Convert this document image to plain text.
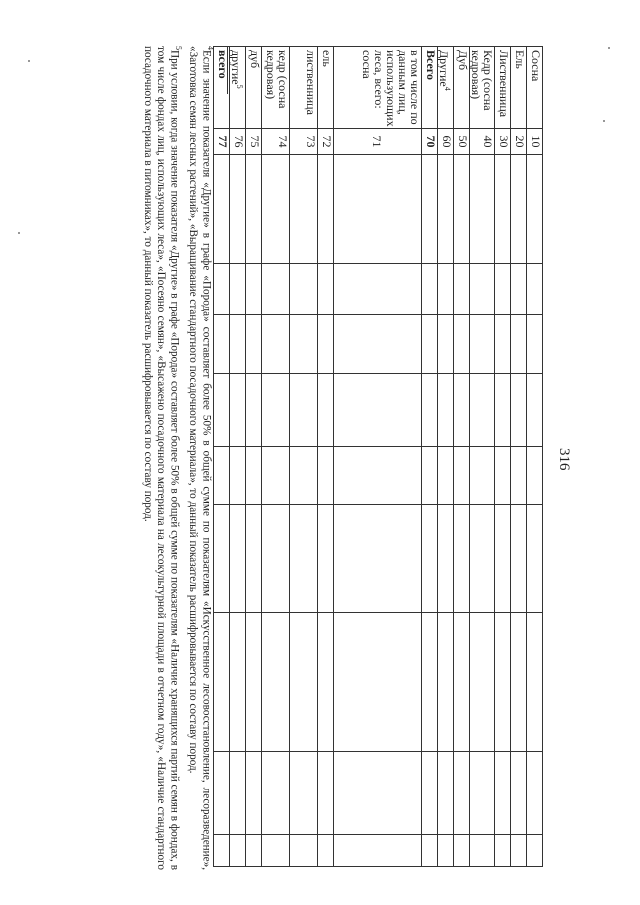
316
Сосна	10									
Ель	20									
Лиственница	30									
Кедр (сосна кедровая)	40									
Дуб	50									
Другие$^4$	60									
Всего	70									
в том числе по данным лиц, использующих леса, всего: сосна	71									
ель	72									
лиственница	73									
кедр (сосна кедровая)	74									
дуб	75									
другие$^5$	76									
всего	77									

$^4$Если значение показателя «Другие» в графе «Порода» составляет более 50% в общей сумме по показателям «Искусственное лесовосстановление, лесоразведение», «Заготовка семян лесных растений», «Выращивание стандартного посадочного материала», то данный показатель расшифровывается по составу пород.

$^5$При условии, когда значение показателя «Другие» в графе «Порода» составляет более 50% в общей сумме по показателям «Наличие хранящихся партий семян в фондах, в том числе фондах лиц, использующих леса», «Посеяно семян», «Высажено посадочного материала на лесокультурной площади в отчетном году», «Наличие стандартного посадочного материала в питомниках», то данный показатель расшифровывается по составу пород.
